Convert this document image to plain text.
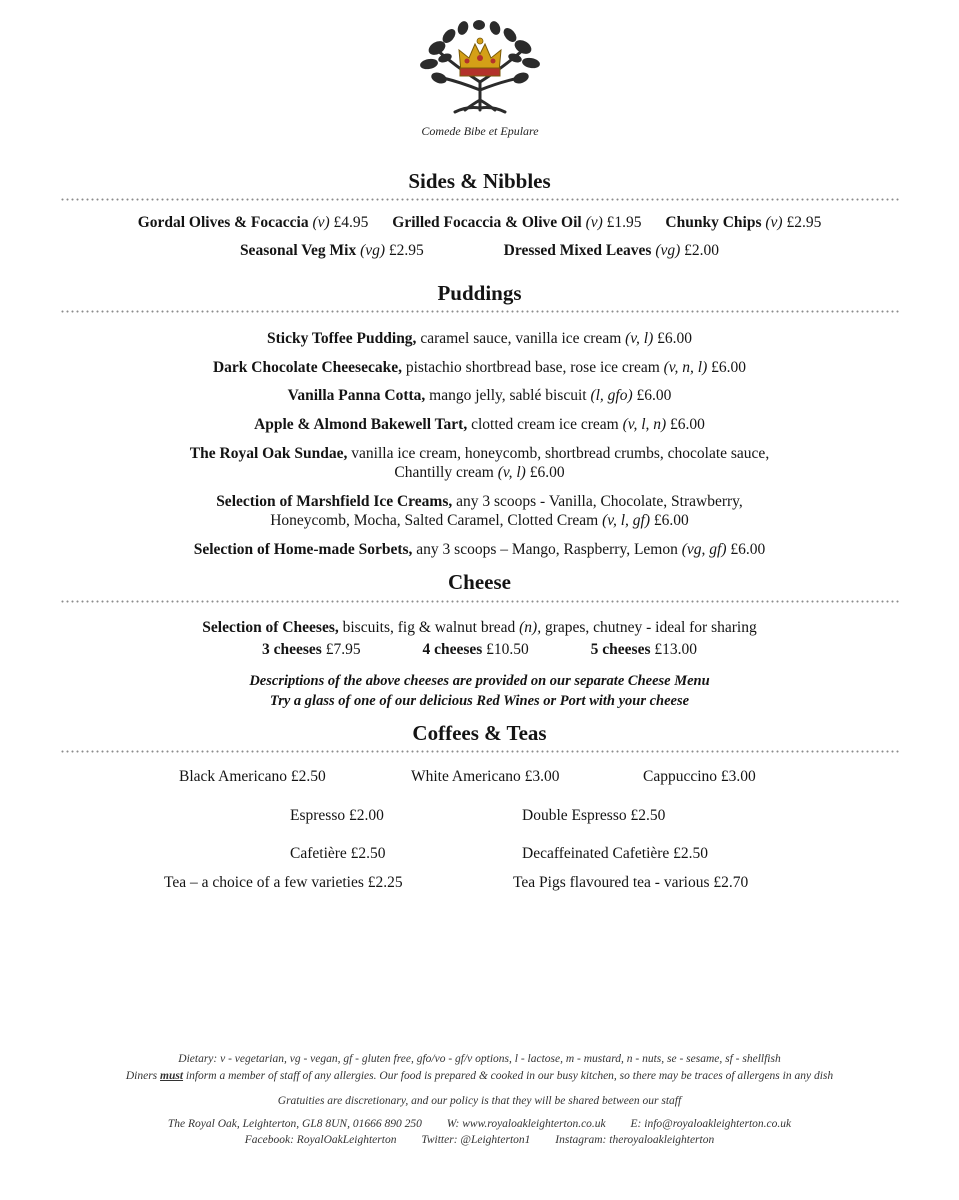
Comede Bibe et Epulare
Sides & Nibbles
Gordal Olives & Focaccia (v) £4.95 Grilled Focaccia & Olive Oil (v) £1.95 Chunky Chips (v) £2.95
Seasonal Veg Mix (vg) £2.95	Dressed Mixed Leaves (vg) £2.00
Puddings
Sticky Toffee Pudding, caramel sauce, vanilla ice cream (v, l) £6.00
Dark Chocolate Cheesecake, pistachio shortbread base, rose ice cream (v, n, l) £6.00
Vanilla Panna Cotta, mango jelly, sablé biscuit (l, gfo) £6.00
Apple & Almond Bakewell Tart, clotted cream ice cream (v, l, n) £6.00
The Royal Oak Sundae, vanilla ice cream, honeycomb, shortbread crumbs, chocolate sauce,
Chantilly cream (v, l) £6.00
Selection of Marshfield Ice Creams, any 3 scoops - Vanilla, Chocolate, Strawberry,
Honeycomb, Mocha, Salted Caramel, Clotted Cream (v, l, gf) £6.00
Selection of Home-made Sorbets, any 3 scoops – Mango, Raspberry, Lemon (vg, gf) £6.00
Cheese
Selection of Cheeses, biscuits, fig & walnut bread (n), grapes, chutney - ideal for sharing
3 cheeses £7.95	4 cheeses £10.50	5 cheeses £13.00
Descriptions of the above cheeses are provided on our separate Cheese Menu
Try a glass of one of our delicious Red Wines or Port with your cheese
Coffees & Teas
Black Americano £2.50	White Americano £3.00	Cappuccino £3.00
Espresso £2.00	Double Espresso £2.50
Cafetière £2.50	Decaffeinated Cafetière £2.50
Tea – a choice of a few varieties £2.25	Tea Pigs flavoured tea - various £2.70
Dietary: v - vegetarian, vg - vegan, gf - gluten free, gfo/vo - gf/v options, l - lactose, m - mustard, n - nuts, se - sesame, sf - shellfish
Diners must inform a member of staff of any allergies. Our food is prepared & cooked in our busy kitchen, so there may be traces of allergens in any dish
Gratuities are discretionary, and our policy is that they will be shared between our staff
The Royal Oak, Leighterton, GL8 8UN, 01666 890 250 W: www.royaloakleighterton.co.uk E: info@royaloakleighterton.co.uk
Facebook: RoyalOakLeighterton Twitter: @Leighterton1 Instagram: theroyaloakleighterton
